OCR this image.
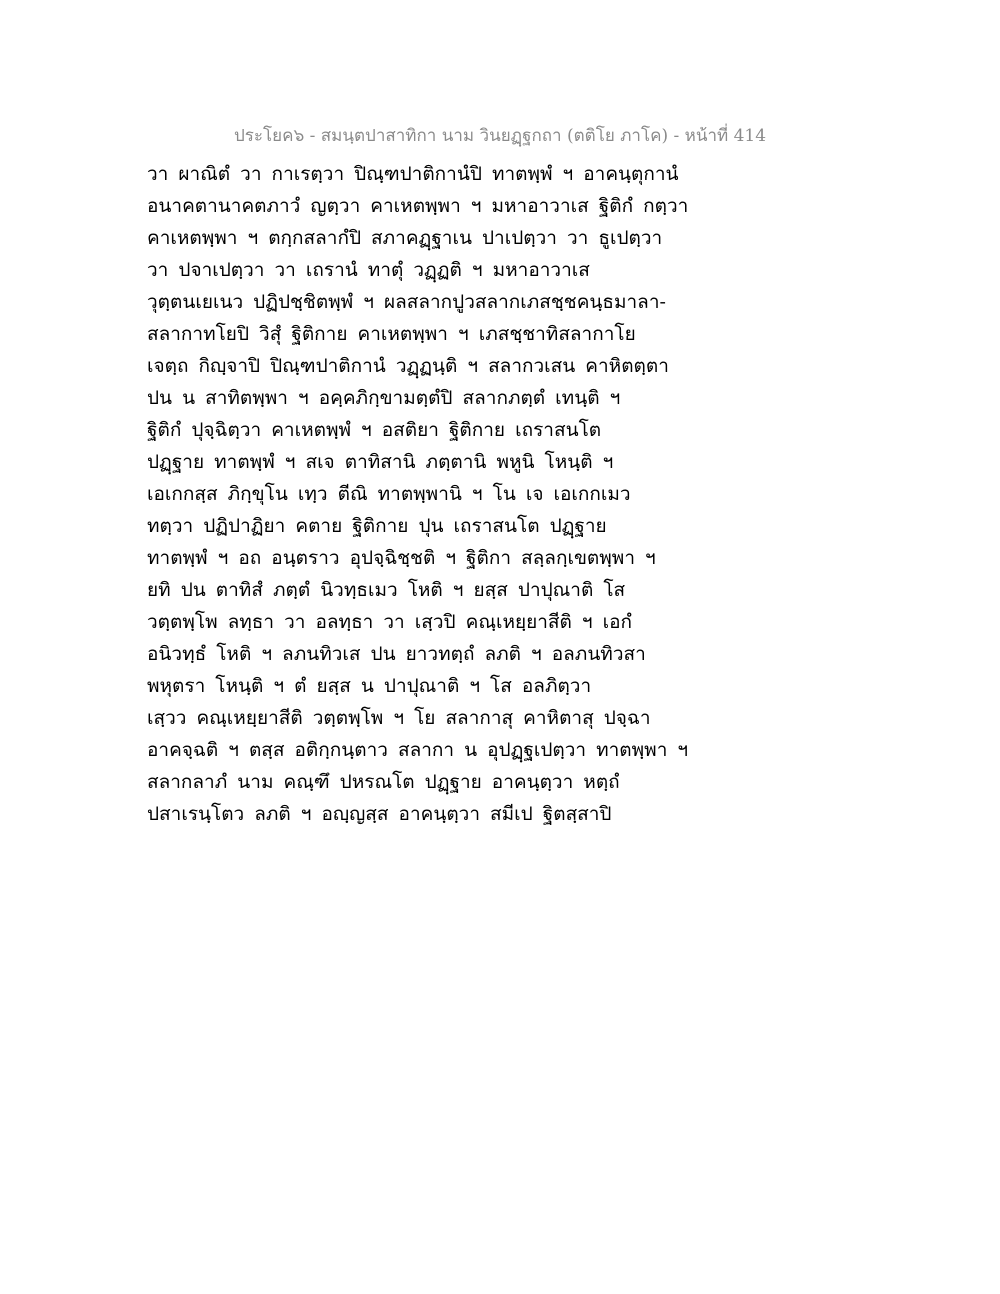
ประโยค๖ - สมนฺตปาสาทิกา นาม วินยฏฺฐกถา (ตติโย ภาโค) - หน้าที่ 414
วา ผาณิตํ วา กาเรตฺวา ปิณฺฑปาติกานํปิ ทาตพฺพํ ฯ อาคนฺตุกานํ
อนาคตานาคตภาวํ ญตฺวา คาเหตพฺพา ฯ มหาอาวาเส ฐิติกํ กตฺวา
คาเหตพฺพา ฯ ตกฺกสลากํปิ สภาคฏฺฐาเน ปาเปตฺวา วา ธูเปตฺวา
วา ปจาเปตฺวา วา เถรานํ ทาตุํ วฏฺฏติ ฯ มหาอาวาเส
วุตฺตนเยเนว ปฏิปชฺชิตพฺพํ ฯ ผลสลากปูวสลากเภสชฺชคนฺธมาลา-
สลากาทโยปิ วิสุํ ฐิติกาย คาเหตพฺพา ฯ เภสชฺชาทิสลากาโย
เจตฺถ กิญฺจาปิ ปิณฺฑปาติกานํ วฏฺฏนฺติ ฯ สลากวเสน คาหิตตฺตา
ปน น สาทิตพฺพา ฯ อคฺคภิกฺขามตฺตํปิ สลากภตฺตํ เทนฺติ ฯ
ฐิติกํ ปุจฺฉิตฺวา คาเหตพฺพํ ฯ อสติยา ฐิติกาย เถราสนโต
ปฏฺฐาย ทาตพฺพํ ฯ สเจ ตาทิสานิ ภตฺตานิ พหูนิ โหนฺติ ฯ
เอเกกสฺส ภิกฺขุโน เทฺว ตีณิ ทาตพฺพานิ ฯ โน เจ เอเกกเมว
ทตฺวา ปฏิปาฏิยา คตาย ฐิติกาย ปุน เถราสนโต ปฏฺฐาย
ทาตพฺพํ ฯ อถ อนฺตราว อุปจฺฉิชฺชติ ฯ ฐิติกา สลฺลกฺเขตพฺพา ฯ
ยทิ ปน ตาทิสํ ภตฺตํ นิวทฺธเมว โหติ ฯ ยสฺส ปาปุณาติ โส
วตฺตพฺโพ ลทฺธา วา อลทฺธา วา เสฺวปิ คณฺเหยฺยาสีติ ฯ เอกํ
อนิวทฺธํ โหติ ฯ ลภนทิวเส ปน ยาวทตฺถํ ลภติ ฯ อลภนทิวสา
พหุตรา โหนฺติ ฯ ตํ ยสฺส น ปาปุณาติ ฯ โส อลภิตฺวา
เสฺวว คณฺเหยฺยาสีติ วตฺตพฺโพ ฯ โย สลากาสุ คาหิตาสุ ปจฺฉา
อาคจฺฉติ ฯ ตสฺส อติกฺกนฺตาว สลากา น อุปฏฺฐเปตฺวา ทาตพฺพา ฯ
สลากลาภํ นาม คณฺฑึ ปหรณโต ปฏฺฐาย อาคนฺตฺวา หตฺถํ
ปสาเรนฺโตว ลภติ ฯ อญฺญสฺส อาคนฺตฺวา สมีเป ฐิตสฺสาปิ
